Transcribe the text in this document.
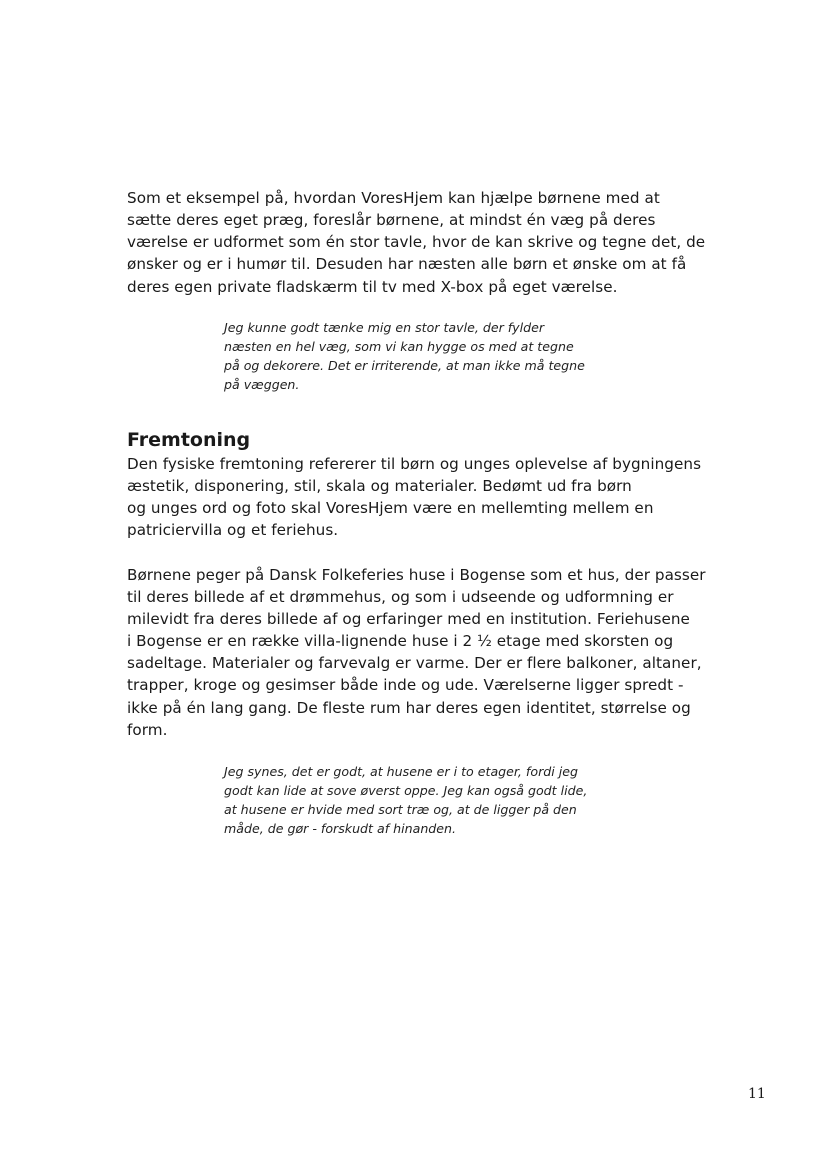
Som et eksempel på, hvordan VoresHjem kan hjælpe børnene med at
sætte deres eget præg, foreslår børnene, at mindst én væg på deres
værelse er udformet som én stor tavle, hvor de kan skrive og tegne det, de
ønsker og er i humør til. Desuden har næsten alle børn et ønske om at få
deres egen private fladskærm til tv med X-box på eget værelse.
Jeg kunne godt tænke mig en stor tavle, der fylder
næsten en hel væg, som vi kan hygge os med at tegne
på og dekorere. Det er irriterende, at man ikke må tegne
på væggen.
Fremtoning
Den fysiske fremtoning refererer til børn og unges oplevelse af bygningens
æstetik, disponering, stil, skala og materialer. Bedømt ud fra børn
og unges ord og foto skal VoresHjem være en mellemting mellem en
patriciervilla og et feriehus.
Børnene peger på Dansk Folkeferies huse i Bogense som et hus, der passer
til deres billede af et drømmehus, og som i udseende og udformning er
milevidt fra deres billede af og erfaringer med en institution. Feriehusene
i Bogense er en række villa-lignende huse i 2 ½ etage med skorsten og
sadeltage. Materialer og farvevalg er varme. Der er flere balkoner, altaner,
trapper, kroge og gesimser både inde og ude. Værelserne ligger spredt -
ikke på én lang gang. De fleste rum har deres egen identitet, størrelse og
form.
Jeg synes, det er godt, at husene er i to etager, fordi jeg
godt kan lide at sove øverst oppe. Jeg kan også godt lide,
at husene er hvide med sort træ og, at de ligger på den
måde, de gør - forskudt af hinanden.
11
